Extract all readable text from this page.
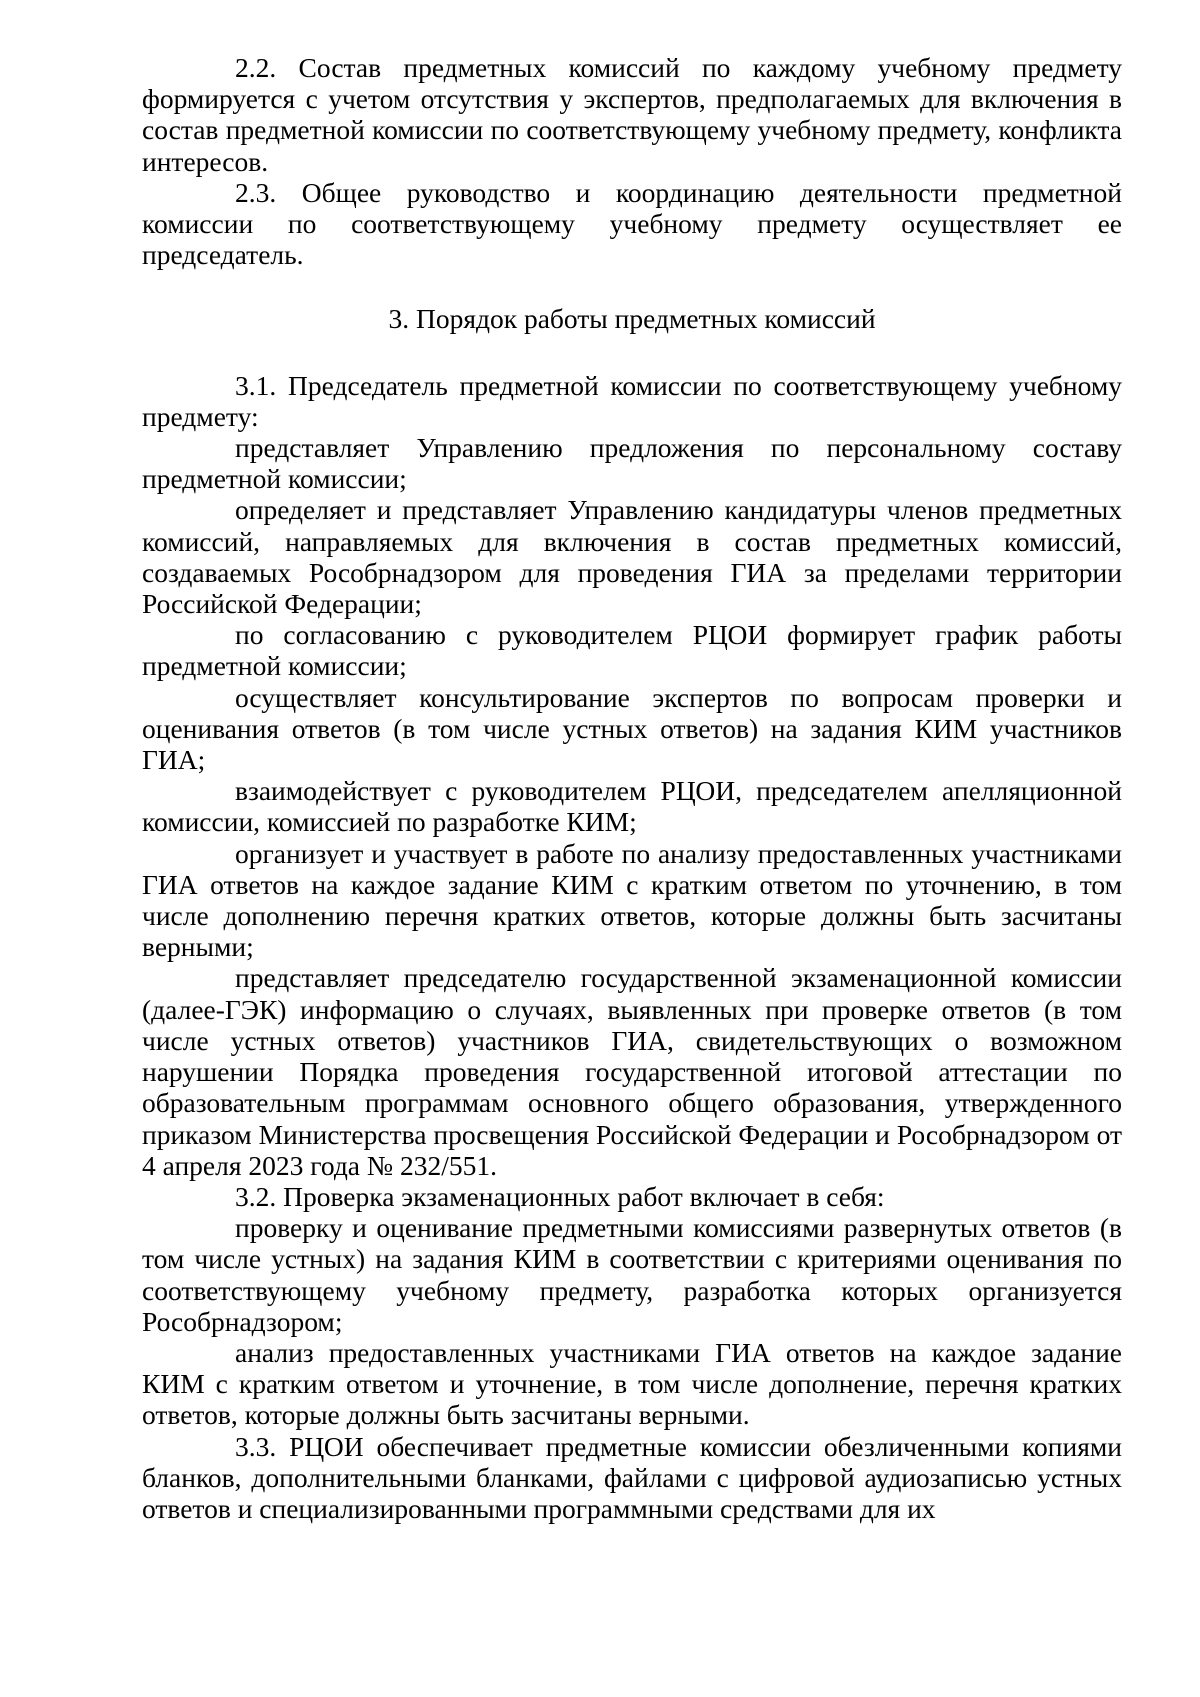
2.2. Состав предметных комиссий по каждому учебному предмету формируется с учетом отсутствия у экспертов, предполагаемых для включения в состав предметной комиссии по соответствующему учебному предмету, конфликта интересов.

2.3. Общее руководство и координацию деятельности предметной комиссии по соответствующему учебному предмету осуществляет ее председатель.

3. Порядок работы предметных комиссий

3.1. Председатель предметной комиссии по соответствующему учебному предмету:

представляет Управлению предложения по персональному составу предметной комиссии;

определяет и представляет Управлению кандидатуры членов предметных комиссий, направляемых для включения в состав предметных комиссий, создаваемых Рособрнадзором для проведения ГИА за пределами территории Российской Федерации;

по согласованию с руководителем РЦОИ формирует график работы предметной комиссии;

осуществляет консультирование экспертов по вопросам проверки и оценивания ответов (в том числе устных ответов) на задания КИМ участников ГИА;

взаимодействует с руководителем РЦОИ, председателем апелляционной комиссии, комиссией по разработке КИМ;

организует и участвует в работе по анализу предоставленных участниками ГИА ответов на каждое задание КИМ с кратким ответом по уточнению, в том числе дополнению перечня кратких ответов, которые должны быть засчитаны верными;

представляет председателю государственной экзаменационной комиссии (далее-ГЭК) информацию о случаях, выявленных при проверке ответов (в том числе устных ответов) участников ГИА, свидетельствующих о возможном нарушении Порядка проведения государственной итоговой аттестации по образовательным программам основного общего образования, утвержденного приказом Министерства просвещения Российской Федерации и Рособрнадзором от 4 апреля 2023 года № 232/551.

3.2. Проверка экзаменационных работ включает в себя:

проверку и оценивание предметными комиссиями развернутых ответов (в том числе устных) на задания КИМ в соответствии с критериями оценивания по соответствующему учебному предмету, разработка которых организуется Рособрнадзором;

анализ предоставленных участниками ГИА ответов на каждое задание КИМ с кратким ответом и уточнение, в том числе дополнение, перечня кратких ответов, которые должны быть засчитаны верными.

3.3. РЦОИ обеспечивает предметные комиссии обезличенными копиями бланков, дополнительными бланками, файлами с цифровой аудиозаписью устных ответов и специализированными программными средствами для их
